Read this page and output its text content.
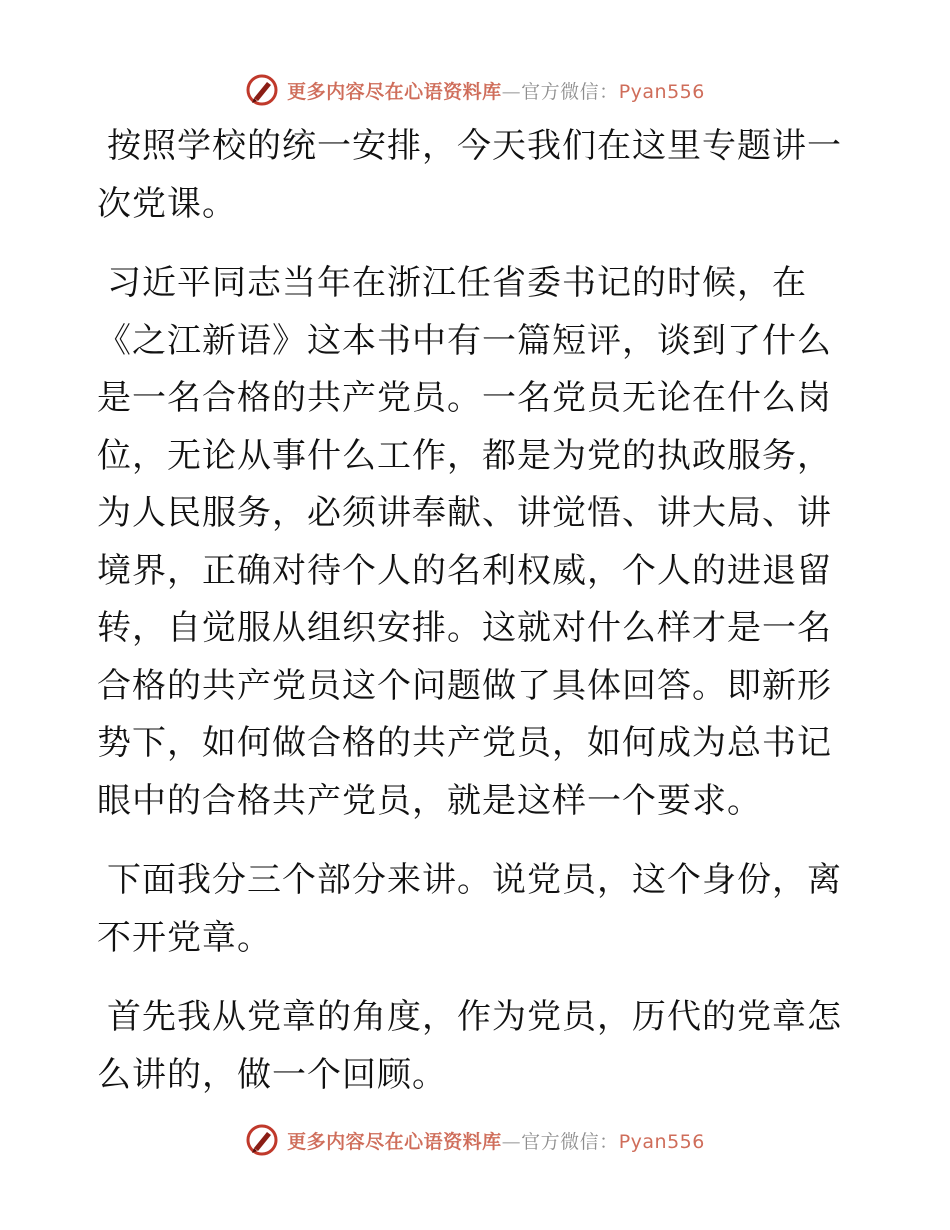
更多内容尽在心语资料库—官方微信：Pyan556

按照学校的统一安排，今天我们在这里专题讲一次党课。

习近平同志当年在浙江任省委书记的时候，在《之江新语》这本书中有一篇短评，谈到了什么是一名合格的共产党员。一名党员无论在什么岗位，无论从事什么工作，都是为党的执政服务，为人民服务，必须讲奉献、讲觉悟、讲大局、讲境界，正确对待个人的名利权威，个人的进退留转，自觉服从组织安排。这就对什么样才是一名合格的共产党员这个问题做了具体回答。即新形势下，如何做合格的共产党员，如何成为总书记眼中的合格共产党员，就是这样一个要求。

下面我分三个部分来讲。说党员，这个身份，离不开党章。

首先我从党章的角度，作为党员，历代的党章怎么讲的，做一个回顾。

更多内容尽在心语资料库—官方微信：Pyan556
